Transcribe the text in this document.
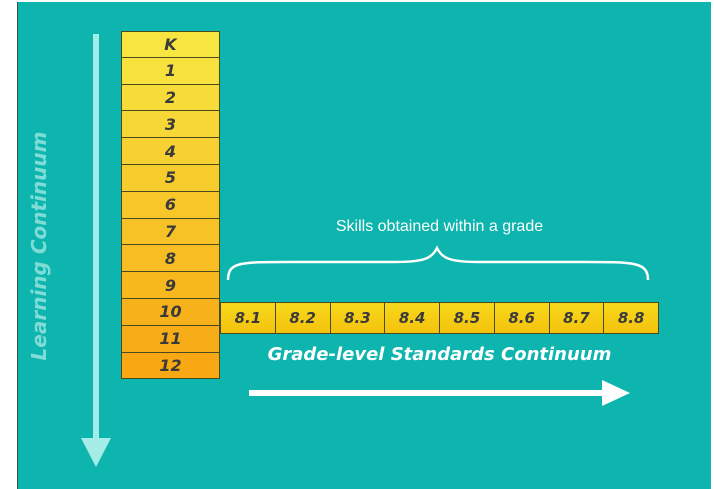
Learning Continuum
K
1
2
3
4
5
6
7
8
9
10
11
12
Skills obtained within a grade
8.1	8.2	8.3	8.4	8.5	8.6	8.7	8.8
Grade-level Standards Continuum
